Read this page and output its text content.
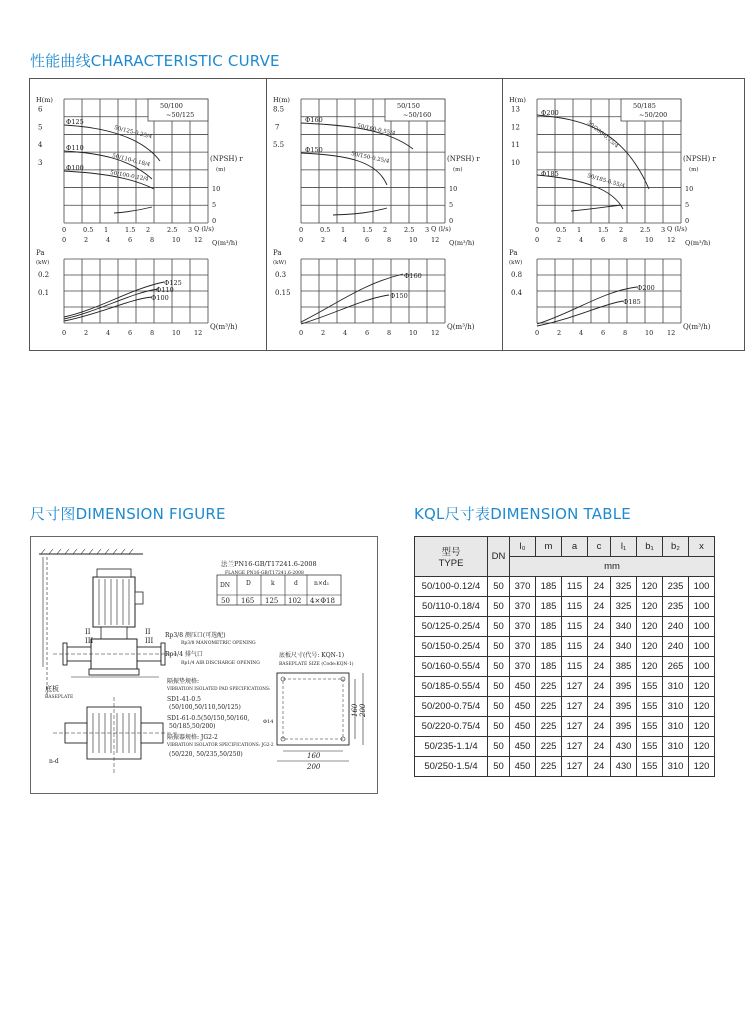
性能曲线CHARACTERISTIC CURVE
尺寸图DIMENSION FIGURE	KQL尺寸表DIMENSION TABLE
50/100
~50/125
H(m)
(NPSH) r
(m)
Q (l/s)
Q(m³/h)
Pa
(kW)
Q(m³/h)
6
5
4
3
10
5
0
0	0.5 1	1.5 2	2.5 3
0	2	4	6	8	10 12
0	2	4	6	8	10 12
0.2
0.1
Φ125
Φ110
Φ100
50/125-0.25/4
50/110-0.18/4
50/100-0.12/4
Φ125
Φ110
Φ100
50/150
~50/160
H(m)
(NPSH) r
(m)
Q (l/s)
Q(m³/h)
Pa
(kW)
Q(m³/h)
8.5
7
5.5
10
5
0
0	0.5 1	1.5 2	2.5 3
0	2	4	6	8	10 12
0	2	4	6	8	10 12
0.3
0.15
Φ160
Φ150
50/160-0.55/4
50/150-0.25/4
Φ160
Φ150
50/185
~50/200
H(m)
(NPSH) r
(m)
Q (l/s)
Q(m³/h)
Pa
(kW)
Q(m³/h)
13
12
11
10
10
5
0
0	0.5 1	1.5 2	2.5 3
0	2	4	6	8	10 12
0	2	4	6	8	10 12
0.8
0.4
Φ200
Φ185
50/200-0.75/4
50/185-0.55/4
Φ200
Φ185
II
III
II
III
底板
BASEPLATE
n-d
法兰PN16-GB/T17241.6-2008
FLANGE PN16-GB/T17241.6-2008
DN	D	k	d	n×d₁
50 165 125 102 4×Φ18
Rp3/8 测压口(可选配)
Rp3/8 MANOMETRIC OPENING
Rp1/4 排气口
Rp1/4 AIR DISCHARGE OPENING
隔振垫规格:
VIBRATION ISOLATED PAD SPECIFICATIONS:
SD1-41-0.5
(50/100,50/110,50/125)
SD1-61-0.5(50/150,50/160,
50/185,50/200)
隔振器规格: JG2-2
VIBRATION ISOLATOR SPECIFICATIONS: JG2-2
(50/220, 50/235,50/250)
底板尺寸(代号: KQN-1)
BASEPLATE SIZE (Code:KQN-1)
160
200
160 200
Φ14
型号
TYPE	DN	l₀	m	a	c	l₁	b₁	b₂	x
		mm							
50/100-0.12/4	50	370	185	115	24	325	120	235	100
50/110-0.18/4	50	370	185	115	24	325	120	235	100
50/125-0.25/4	50	370	185	115	24	340	120	240	100
50/150-0.25/4	50	370	185	115	24	340	120	240	100
50/160-0.55/4	50	370	185	115	24	385	120	265	100
50/185-0.55/4	50	450	225	127	24	395	155	310	120
50/200-0.75/4	50	450	225	127	24	395	155	310	120
50/220-0.75/4	50	450	225	127	24	395	155	310	120
50/235-1.1/4	50	450	225	127	24	430	155	310	120
50/250-1.5/4	50	450	225	127	24	430	155	310	120
